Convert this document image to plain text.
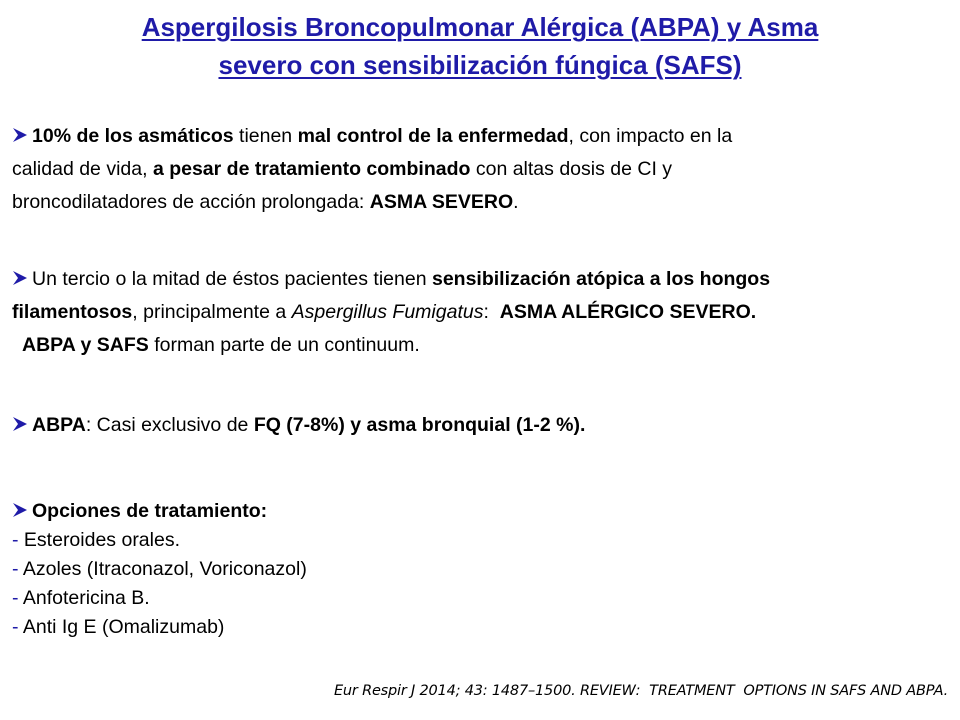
Aspergilosis Broncopulmonar Alérgica (ABPA) y Asma
severo con sensibilización fúngica (SAFS)
10% de los asmáticos tienen mal control de la enfermedad, con impacto en la
calidad de vida, a pesar de tratamiento combinado con altas dosis de CI y
broncodilatadores de acción prolongada: ASMA SEVERO.
Un tercio o la mitad de éstos pacientes tienen sensibilización atópica a los hongos
filamentosos, principalmente a Aspergillus Fumigatus:  ASMA ALÉRGICO SEVERO.
ABPA y SAFS forman parte de un continuum.
ABPA: Casi exclusivo de FQ (7-8%) y asma bronquial (1-2 %).
Opciones de tratamiento:
- Esteroides orales.
- Azoles (Itraconazol, Voriconazol)
- Anfotericina B.
- Anti Ig E (Omalizumab)
Eur Respir J 2014; 43: 1487–1500. REVIEW:  TREATMENT  OPTIONS IN SAFS AND ABPA.
